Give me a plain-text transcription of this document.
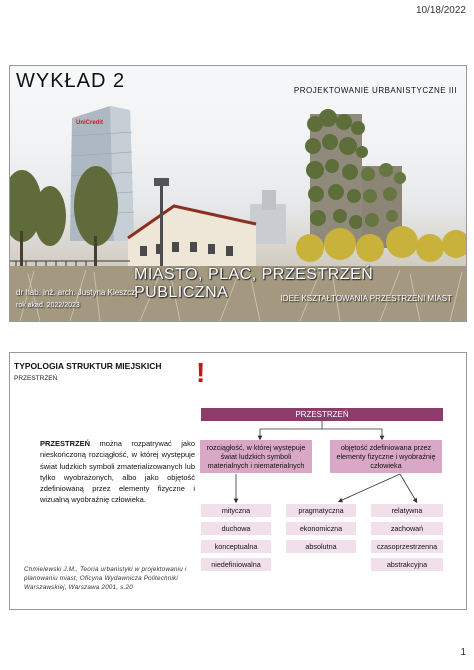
10/18/2022
UniCredit
WYKŁAD 2	PROJEKTOWANIE URBANISTYCZNE III
MIASTO, PLAC, PRZESTRZEŃ PUBLICZNA	IDEE KSZTAŁTOWANIA PRZESTRZENI MIAST
dr hab. inż. arch. Justyna Kleszcz
rok akad. 2022/2023
TYPOLOGIA STRUKTUR MIEJSKICH
PRZESTRZEŃ	!
PRZESTRZEŃ można rozpatrywać jako nieskończoną rozciągłość, w której występuje świat ludzkich symboli zmaterializowanych lub tylko wyobrażonych, albo jako objętość zdefiniowaną przez elementy fizyczne i wizualną wyobraźnię człowieka.
Chmielewski J.M., Teoria urbanistyki w projektowaniu i planowaniu miast, Oficyna Wydawnicza Politechniki Warszawskiej, Warszawa 2001, s.20
PRZESTRZEŃ
rozciągłość, w której występuje świat ludzkich symboli materialnych i niematerialnych
objętość zdefiniowana przez elementy fizyczne i wyobraźnię człowieka
mityczna
duchowa
konceptualna
niedefiniowalna
pragmatyczna
ekonomiczna
absolutna
relatywna
zachowań
czasoprzestrzenna
abstrakcyjna
1
